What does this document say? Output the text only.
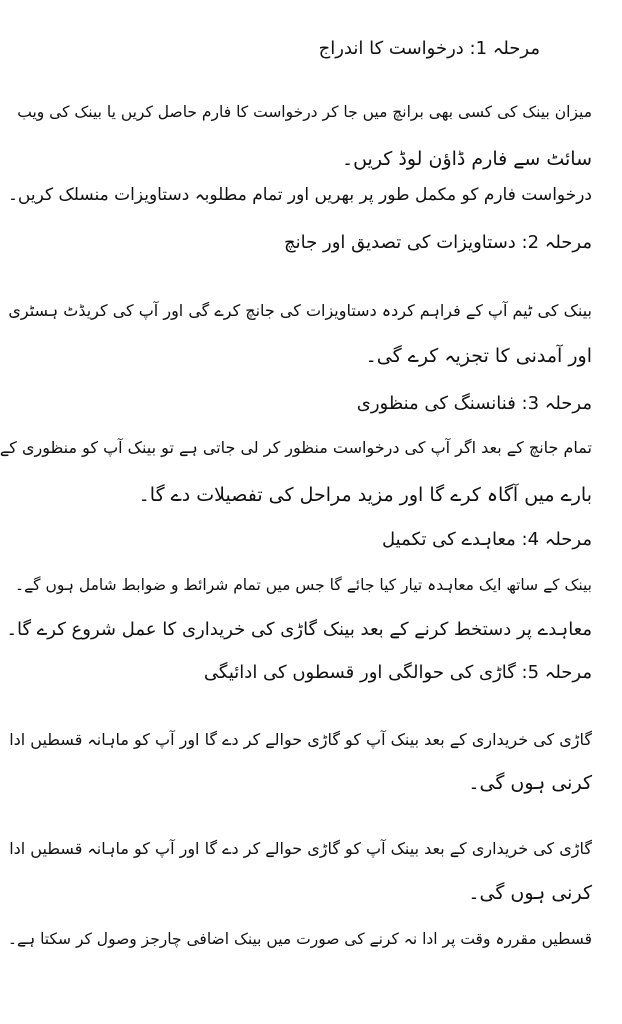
مرحلہ 1: درخواست کا اندراج

میزان بینک کی کسی بھی برانچ میں جا کر درخواست کا فارم حاصل کریں یا بینک کی ویب

سائٹ سے فارم ڈاؤن لوڈ کریں۔

درخواست فارم کو مکمل طور پر بھریں اور تمام مطلوبہ دستاویزات منسلک کریں۔

مرحلہ 2: دستاویزات کی تصدیق اور جانچ

بینک کی ٹیم آپ کے فراہم کردہ دستاویزات کی جانچ کرے گی اور آپ کی کریڈٹ ہسٹری

اور آمدنی کا تجزیہ کرے گی۔

مرحلہ 3: فنانسنگ کی منظوری

تمام جانچ کے بعد اگر آپ کی درخواست منظور کر لی جاتی ہے تو بینک آپ کو منظوری کے

بارے میں آگاہ کرے گا اور مزید مراحل کی تفصیلات دے گا۔

مرحلہ 4: معاہدے کی تکمیل

بینک کے ساتھ ایک معاہدہ تیار کیا جائے گا جس میں تمام شرائط و ضوابط شامل ہوں گے۔

معاہدے پر دستخط کرنے کے بعد بینک گاڑی کی خریداری کا عمل شروع کرے گا۔

مرحلہ 5: گاڑی کی حوالگی اور قسطوں کی ادائیگی

گاڑی کی خریداری کے بعد بینک آپ کو گاڑی حوالے کر دے گا اور آپ کو ماہانہ قسطیں ادا

کرنی ہوں گی۔

گاڑی کی خریداری کے بعد بینک آپ کو گاڑی حوالے کر دے گا اور آپ کو ماہانہ قسطیں ادا

کرنی ہوں گی۔

قسطیں مقررہ وقت پر ادا نہ کرنے کی صورت میں بینک اضافی چارجز وصول کر سکتا ہے۔
